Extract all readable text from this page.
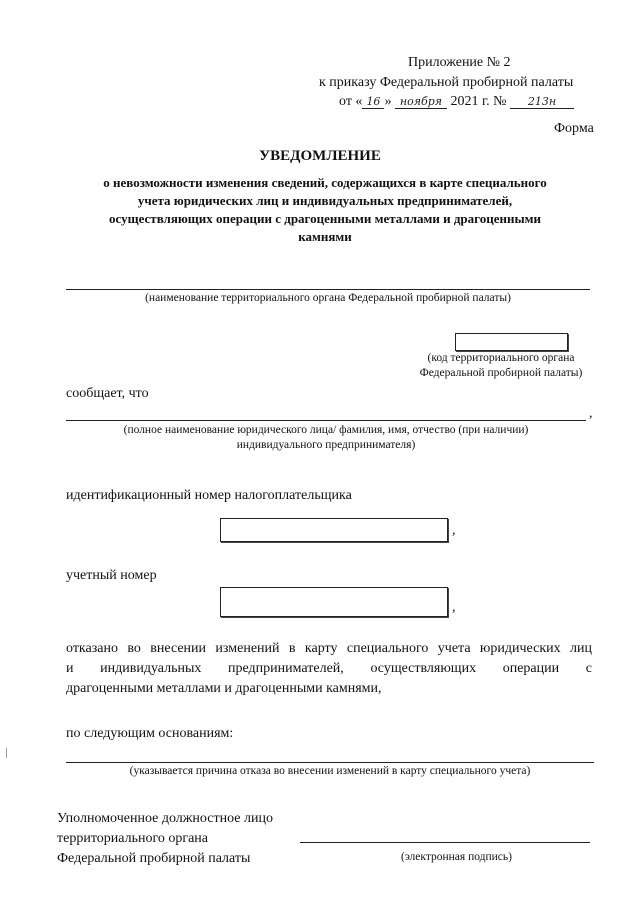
Приложение № 2
к приказу Федеральной пробирной палаты
от « 16 » ноября 2021 г. № 213н
Форма
УВЕДОМЛЕНИЕ
о невозможности изменения сведений, содержащихся в карте специального
учета юридических лиц и индивидуальных предпринимателей,
осуществляющих операции с драгоценными металлами и драгоценными
камнями
(наименование территориального органа Федеральной пробирной палаты)
(код территориального органа
Федеральной пробирной палаты)
сообщает, что
,
(полное наименование юридического лица/ фамилия, имя, отчество (при наличии)
индивидуального предпринимателя)
идентификационный номер налогоплательщика
,
учетный номер
,
отказано во внесении изменений в карту специального учета юридических лиц
и индивидуальных предпринимателей, осуществляющих операции с
драгоценными металлами и драгоценными камнями,
по следующим основаниям:
(указывается причина отказа во внесении изменений в карту специального учета)
Уполномоченное должностное лицо
территориального органа
Федеральной пробирной палаты	(электронная подпись)
